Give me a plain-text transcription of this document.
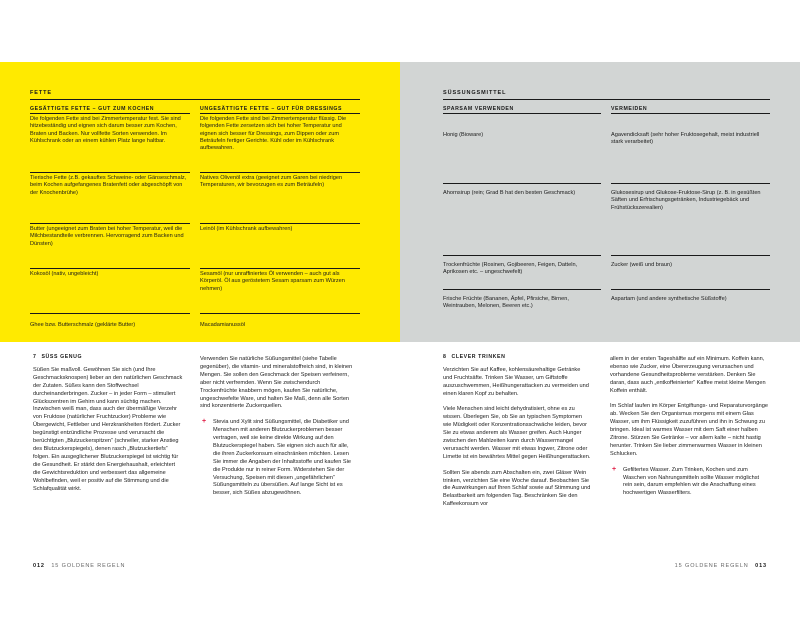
FETTE
GESÄTTIGTE FETTE – GUT ZUM KOCHEN
Die folgenden Fette sind bei Zimmertemperatur fest. Sie sind hitzebeständig und eignen sich darum besser zum Kochen, Braten und Backen. Nur vollfette Sorten verwenden. Im Kühlschrank oder an einem kühlen Platz lange haltbar.
Tierische Fette (z.B. gekauftes Schweine- oder Gänseschmalz, beim Kochen aufgefangenes Bratenfett oder abgeschöpft von der Knochenbrühe)
Butter (ungeeignet zum Braten bei hoher Temperatur, weil die Milchbestandteile verbrennen. Hervorragend zum Backen und Dünsten)
Kokosöl (nativ, ungebleicht)
Ghee bzw. Butterschmalz (geklärte Butter)
UNGESÄTTIGTE FETTE – GUT FÜR DRESSINGS
Die folgenden Fette sind bei Zimmertemperatur flüssig. Die folgenden Fette zersetzen sich bei hoher Temperatur und eignen sich besser für Dressings, zum Dippen oder zum Beträufeln fertiger Gerichte. Kühl oder im Kühlschrank aufbewahren.
Natives Olivenöl extra (geeignet zum Garen bei niedrigen Temperaturen, wir bevorzugen es zum Beträufeln)
Leinöl (im Kühlschrank aufbewahren)
Sesamöl (nur unraffiniertes Öl verwenden – auch gut als Körperöl. Öl aus geröstetem Sesam sparsam zum Würzen nehmen)
Macadamianussöl
SÜSSUNGSMITTEL
SPARSAM VERWENDEN
Honig (Bioware)
Ahornsirup (rein; Grad B hat den besten Geschmack)
Trockenfrüchte (Rosinen, Gojibeeren, Feigen, Datteln, Aprikosen etc. – ungeschwefelt)
Frische Früchte (Bananen, Äpfel, Pfirsiche, Birnen, Weintrauben, Melonen, Beeren etc.)
VERMEIDEN
Agavendicksaft (sehr hoher Fruktosegehalt, meist industriell stark verarbeitet)
Glukosesirup und Glukose-Fruktose-Sirup (z. B. in gesüßten Säften und Erfrischungsgetränken, Industriegebäck und Frühstückszerealien)
Zucker (weiß und braun)
Aspartam (und andere synthetische Süßstoffe)
7 SÜSS GENUG

Süßen Sie maßvoll. Gewöhnen Sie sich (und Ihre Geschmacksknospen) lieber an den natürlichen Geschmack der Zutaten. Süßes kann den Stoffwechsel durcheinanderbringen. Zucker – in jeder Form – stimuliert Glückszentren im Gehirn und kann süchtig machen. Inzwischen weiß man, dass auch der übermäßige Verzehr von Fruktose (natürlicher Fruchtzucker) Probleme wie Übergewicht, Fettleber und Herzkrankheiten fördert. Zucker begünstigt entzündliche Prozesse und verursacht die berüchtigten „Blutzuckerspitzen“ (schneller, starker Anstieg des Blutzuckerspiegels), denen rasch „Blutzuckertiefs“ folgen. Ein ausgeglichener Blutzuckerspiegel ist wichtig für die Gesundheit. Er stärkt den Energiehaushalt, erleichtert die Gewichtsreduktion und verbessert das allgemeine Wohlbefinden, weil er positiv auf die Stimmung und die Schlafqualität wirkt.

Verwenden Sie natürliche Süßungsmittel (siehe Tabelle gegenüber), die vitamin- und mineralstoffreich sind, in kleinen Mengen. Sie sollen den Geschmack der Speisen verfeinern, aber nicht verfremden. Wenn Sie zwischendurch Trockenfrüchte knabbern mögen, kaufen Sie natürliche, ungeschwefelte Ware, und halten Sie Maß, denn alle Sorten sind konzentrierte Zuckerquellen.

+ Stevia und Xylit sind Süßungsmittel, die Diabetiker und Menschen mit anderen Blutzuckerproblemen besser vertragen, weil sie keine direkte Wirkung auf den Blutzuckerspiegel haben. Sie eignen sich auch für alle, die ihren Zuckerkonsum einschränken möchten. Lesen Sie immer die Angaben der Inhaltsstoffe und kaufen Sie die Produkte nur in reiner Form. Widerstehen Sie der Versuchung, Speisen mit diesen „ungefährlichen“ Süßungsmitteln zu übersüßen. Auf lange Sicht ist es besser, sich Süßes abzugewöhnen.
8 CLEVER TRINKEN

Verzichten Sie auf Kaffee, kohlensäurehaltige Getränke und Fruchtsäfte. Trinken Sie Wasser, um Giftstoffe auszuschwemmen, Heißhungerattacken zu vermeiden und einen klaren Kopf zu behalten.

Viele Menschen sind leicht dehydratisiert, ohne es zu wissen. Überlegen Sie, ob Sie an typischen Symptomen wie Müdigkeit oder Konzentrationsschwäche leiden, bevor Sie zu etwas anderem als Wasser greifen. Auch Hunger zwischen den Mahlzeiten kann durch Wassermangel verursacht werden. Wasser mit etwas Ingwer, Zitrone oder Limette ist ein bewährtes Mittel gegen Heißhungerattacken.

Sollten Sie abends zum Abschalten ein, zwei Gläser Wein trinken, verzichten Sie eine Woche darauf. Beobachten Sie die Auswirkungen auf Ihren Schlaf sowie auf Stimmung und Belastbarkeit am folgenden Tag. Beschränken Sie den Kaffeekonsum vor

allem in der ersten Tageshälfte auf ein Minimum. Koffein kann, ebenso wie Zucker, eine Übererzeugung verursachen und vorhandene Gesundheitsprobleme verstärken. Denken Sie daran, dass auch „entkoffeinierter“ Kaffee meist kleine Mengen Koffein enthält.

Im Schlaf laufen im Körper Entgiftungs- und Reparaturvorgänge ab. Wecken Sie den Organismus morgens mit einem Glas Wasser, um ihm Flüssigkeit zuzuführen und ihn in Schwung zu bringen. Ideal ist warmes Wasser mit dem Saft einer halben Zitrone. Stürzen Sie Getränke – vor allem kalte – nicht hastig herunter. Trinken Sie lieber zimmerwarmes Wasser in kleinen Schlucken.

+ Gefiltertes Wasser. Zum Trinken, Kochen und zum Waschen von Nahrungsmitteln sollte Wasser möglichst rein sein, darum empfehlen wir die Anschaffung eines hochwertigen Wasserfilters.
012 15 GOLDENE REGELN	15 GOLDENE REGELN 013
